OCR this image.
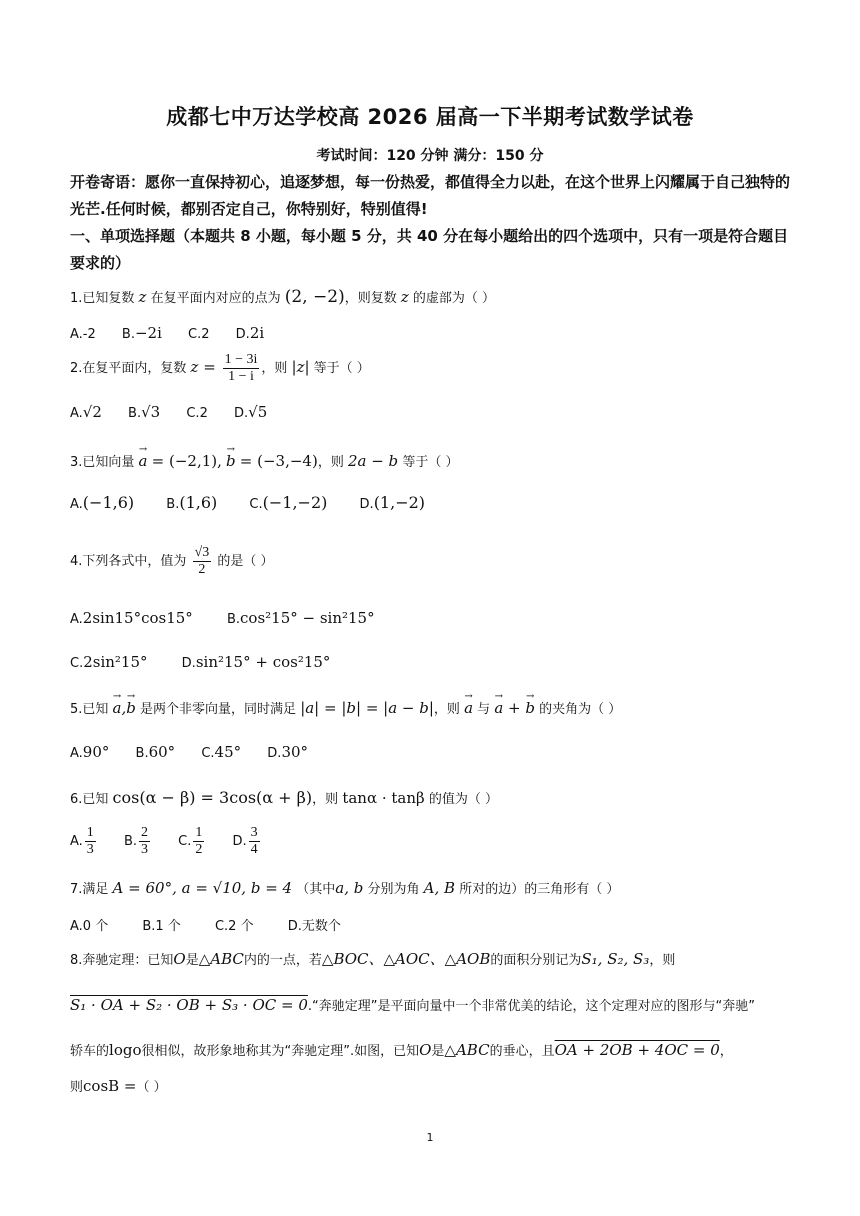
成都七中万达学校高 2026 届高一下半期考试数学试卷
考试时间：120 分钟 满分：150 分
开卷寄语：愿你一直保持初心，追逐梦想，每一份热爱，都值得全力以赴，在这个世界上闪耀属于自己独特的光芒.任何时候，都别否定自己，你特别好，特别值得!
一、单项选择题（本题共 8 小题，每小题 5 分，共 40 分在每小题给出的四个选项中，只有一项是符合题目要求的）
1.已知复数 z 在复平面内对应的点为 (2, −2)，则复数 z 的虚部为（ ）
A.-2 B.−2i C.2 D.2i
2.在复平面内，复数 $z = \frac{1 - 3i}{1 - i}$ ，则 |z| 等于（ ）
A.√2 B.√3 C.2 D.√5
3.已知向量 → a = (−2,1), → b = (−3,−4)，则 2a − b 等于（ ）
A.(−1,6) B.(1,6) C.(−1,−2) D.(1,−2)
4.下列各式中，值为 $\frac{√3}{2}$ 的是（ ）
A.2sin15°cos15°	B.cos²15° − sin²15°
C.2sin²15°	D.sin²15° + cos²15°
5.已知 → a,→ b 是两个非零向量，同时满足 |a| = |b| = |a − b|，则 → a 与 → a + → b 的夹角为（ ）
A.90° B.60° C.45° D.30°
6.已知 cos(α − β) = 3cos(α + β)，则 tanα · tanβ 的值为（ ）
A. $\frac{1}{3} B$. $\frac{2}{3} C$. $\frac{1}{2} D$. $\frac{3}{4}$
7.满足 A = 60°, a = √10, b = 4 （其中a, b 分别为角 A, B 所对的边）的三角形有（ ）
A.0 个	B.1 个	C.2 个	D.无数个
8.奔驰定理：已知O是△ABC内的一点，若△BOC、△AOC、△AOB的面积分别记为S₁, S₂, S₃，则
S₁ · OA + S₂ · OB + S₃ · OC = 0.“奔驰定理”是平面向量中一个非常优美的结论，这个定理对应的图形与“奔驰”
轿车的logo很相似，故形象地称其为“奔驰定理”.如图，已知O是△ABC的垂心，且OA + 2OB + 4OC = 0，
则cosB =（ ）
1
